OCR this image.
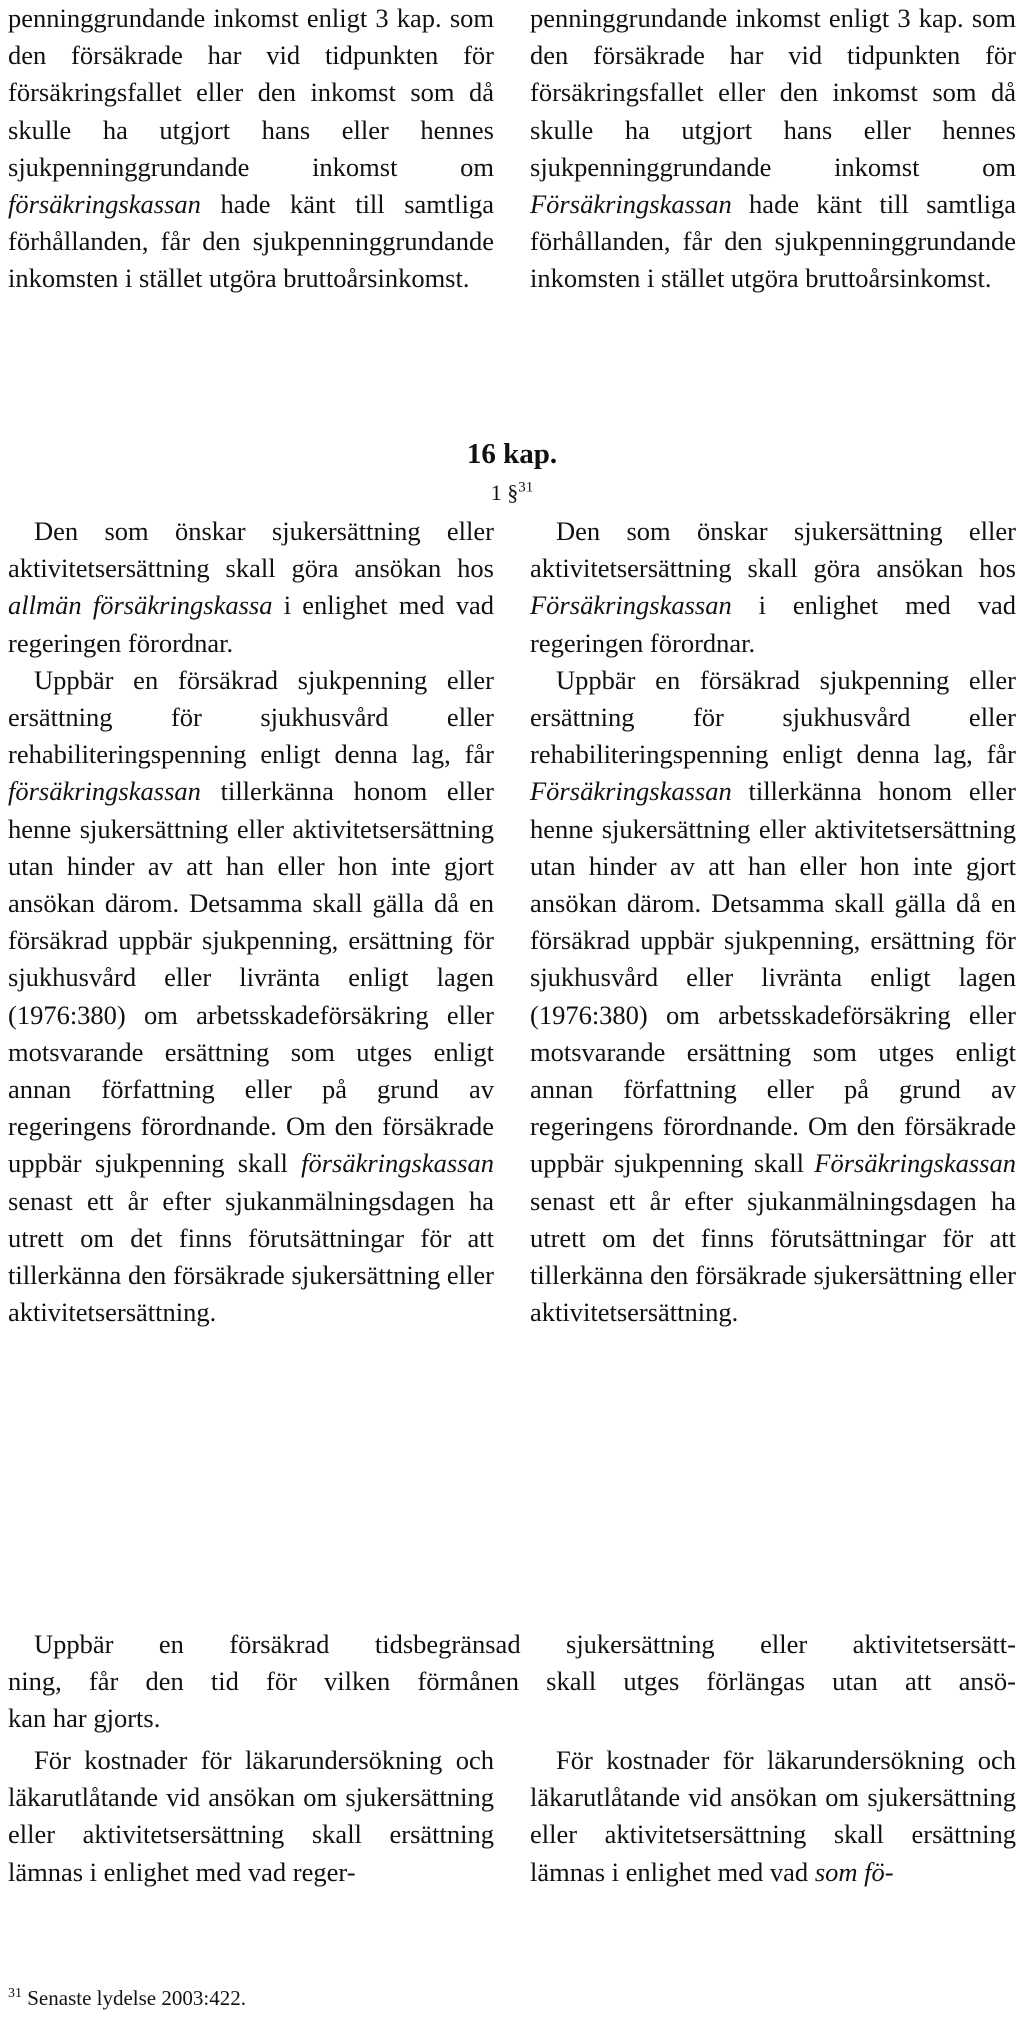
penninggrundande inkomst enligt 3 kap. som den försäkrade har vid tidpunkten för försäkringsfallet eller den inkomst som då skulle ha utgjort hans eller hennes sjukpenninggrundande inkomst om försäkringskassan hade känt till samtliga förhållanden, får den sjukpenninggrundande inkomsten i stället utgöra bruttoårsinkomst.

penninggrundande inkomst enligt 3 kap. som den försäkrade har vid tidpunkten för försäkringsfallet eller den inkomst som då skulle ha utgjort hans eller hennes sjukpenninggrundande inkomst om Försäkringskassan hade känt till samtliga förhållanden, får den sjukpenninggrundande inkomsten i stället utgöra bruttoårsinkomst.

16 kap.
1 §$^{31}$

Den som önskar sjukersättning eller aktivitetsersättning skall göra ansökan hos allmän försäkringskassa i enlighet med vad regeringen förordnar.

Uppbär en försäkrad sjukpenning eller ersättning för sjukhusvård eller rehabiliteringspenning enligt denna lag, får försäkringskassan tillerkänna honom eller henne sjukersättning eller aktivitetsersättning utan hinder av att han eller hon inte gjort ansökan därom. Detsamma skall gälla då en försäkrad uppbär sjukpenning, ersättning för sjukhusvård eller livränta enligt lagen (1976:380) om arbetsskadeförsäkring eller motsvarande ersättning som utges enligt annan författning eller på grund av regeringens förordnande. Om den försäkrade uppbär sjukpenning skall försäkringskassan senast ett år efter sjukanmälningsdagen ha utrett om det finns förutsättningar för att tillerkänna den försäkrade sjukersättning eller aktivitetsersättning.

Den som önskar sjukersättning eller aktivitetsersättning skall göra ansökan hos Försäkringskassan i enlighet med vad regeringen förordnar.

Uppbär en försäkrad sjukpenning eller ersättning för sjukhusvård eller rehabiliteringspenning enligt denna lag, får Försäkringskassan tillerkänna honom eller henne sjukersättning eller aktivitetsersättning utan hinder av att han eller hon inte gjort ansökan därom. Detsamma skall gälla då en försäkrad uppbär sjukpenning, ersättning för sjukhusvård eller livränta enligt lagen (1976:380) om arbetsskadeförsäkring eller motsvarande ersättning som utges enligt annan författning eller på grund av regeringens förordnande. Om den försäkrade uppbär sjukpenning skall Försäkringskassan senast ett år efter sjukanmälningsdagen ha utrett om det finns förutsättningar för att tillerkänna den försäkrade sjukersättning eller aktivitetsersättning.

Uppbär en försäkrad tidsbegränsad sjukersättning eller aktivitetsersätt-
ning, får den tid för vilken förmånen skall utges förlängas utan att ansö-
kan har gjorts.

För kostnader för läkarundersökning och läkarutlåtande vid ansökan om sjukersättning eller aktivitetsersättning skall ersättning lämnas i enlighet med vad reger-

För kostnader för läkarundersökning och läkarutlåtande vid ansökan om sjukersättning eller aktivitetsersättning skall ersättning lämnas i enlighet med vad som fö-

$^{31}$ Senaste lydelse 2003:422.
